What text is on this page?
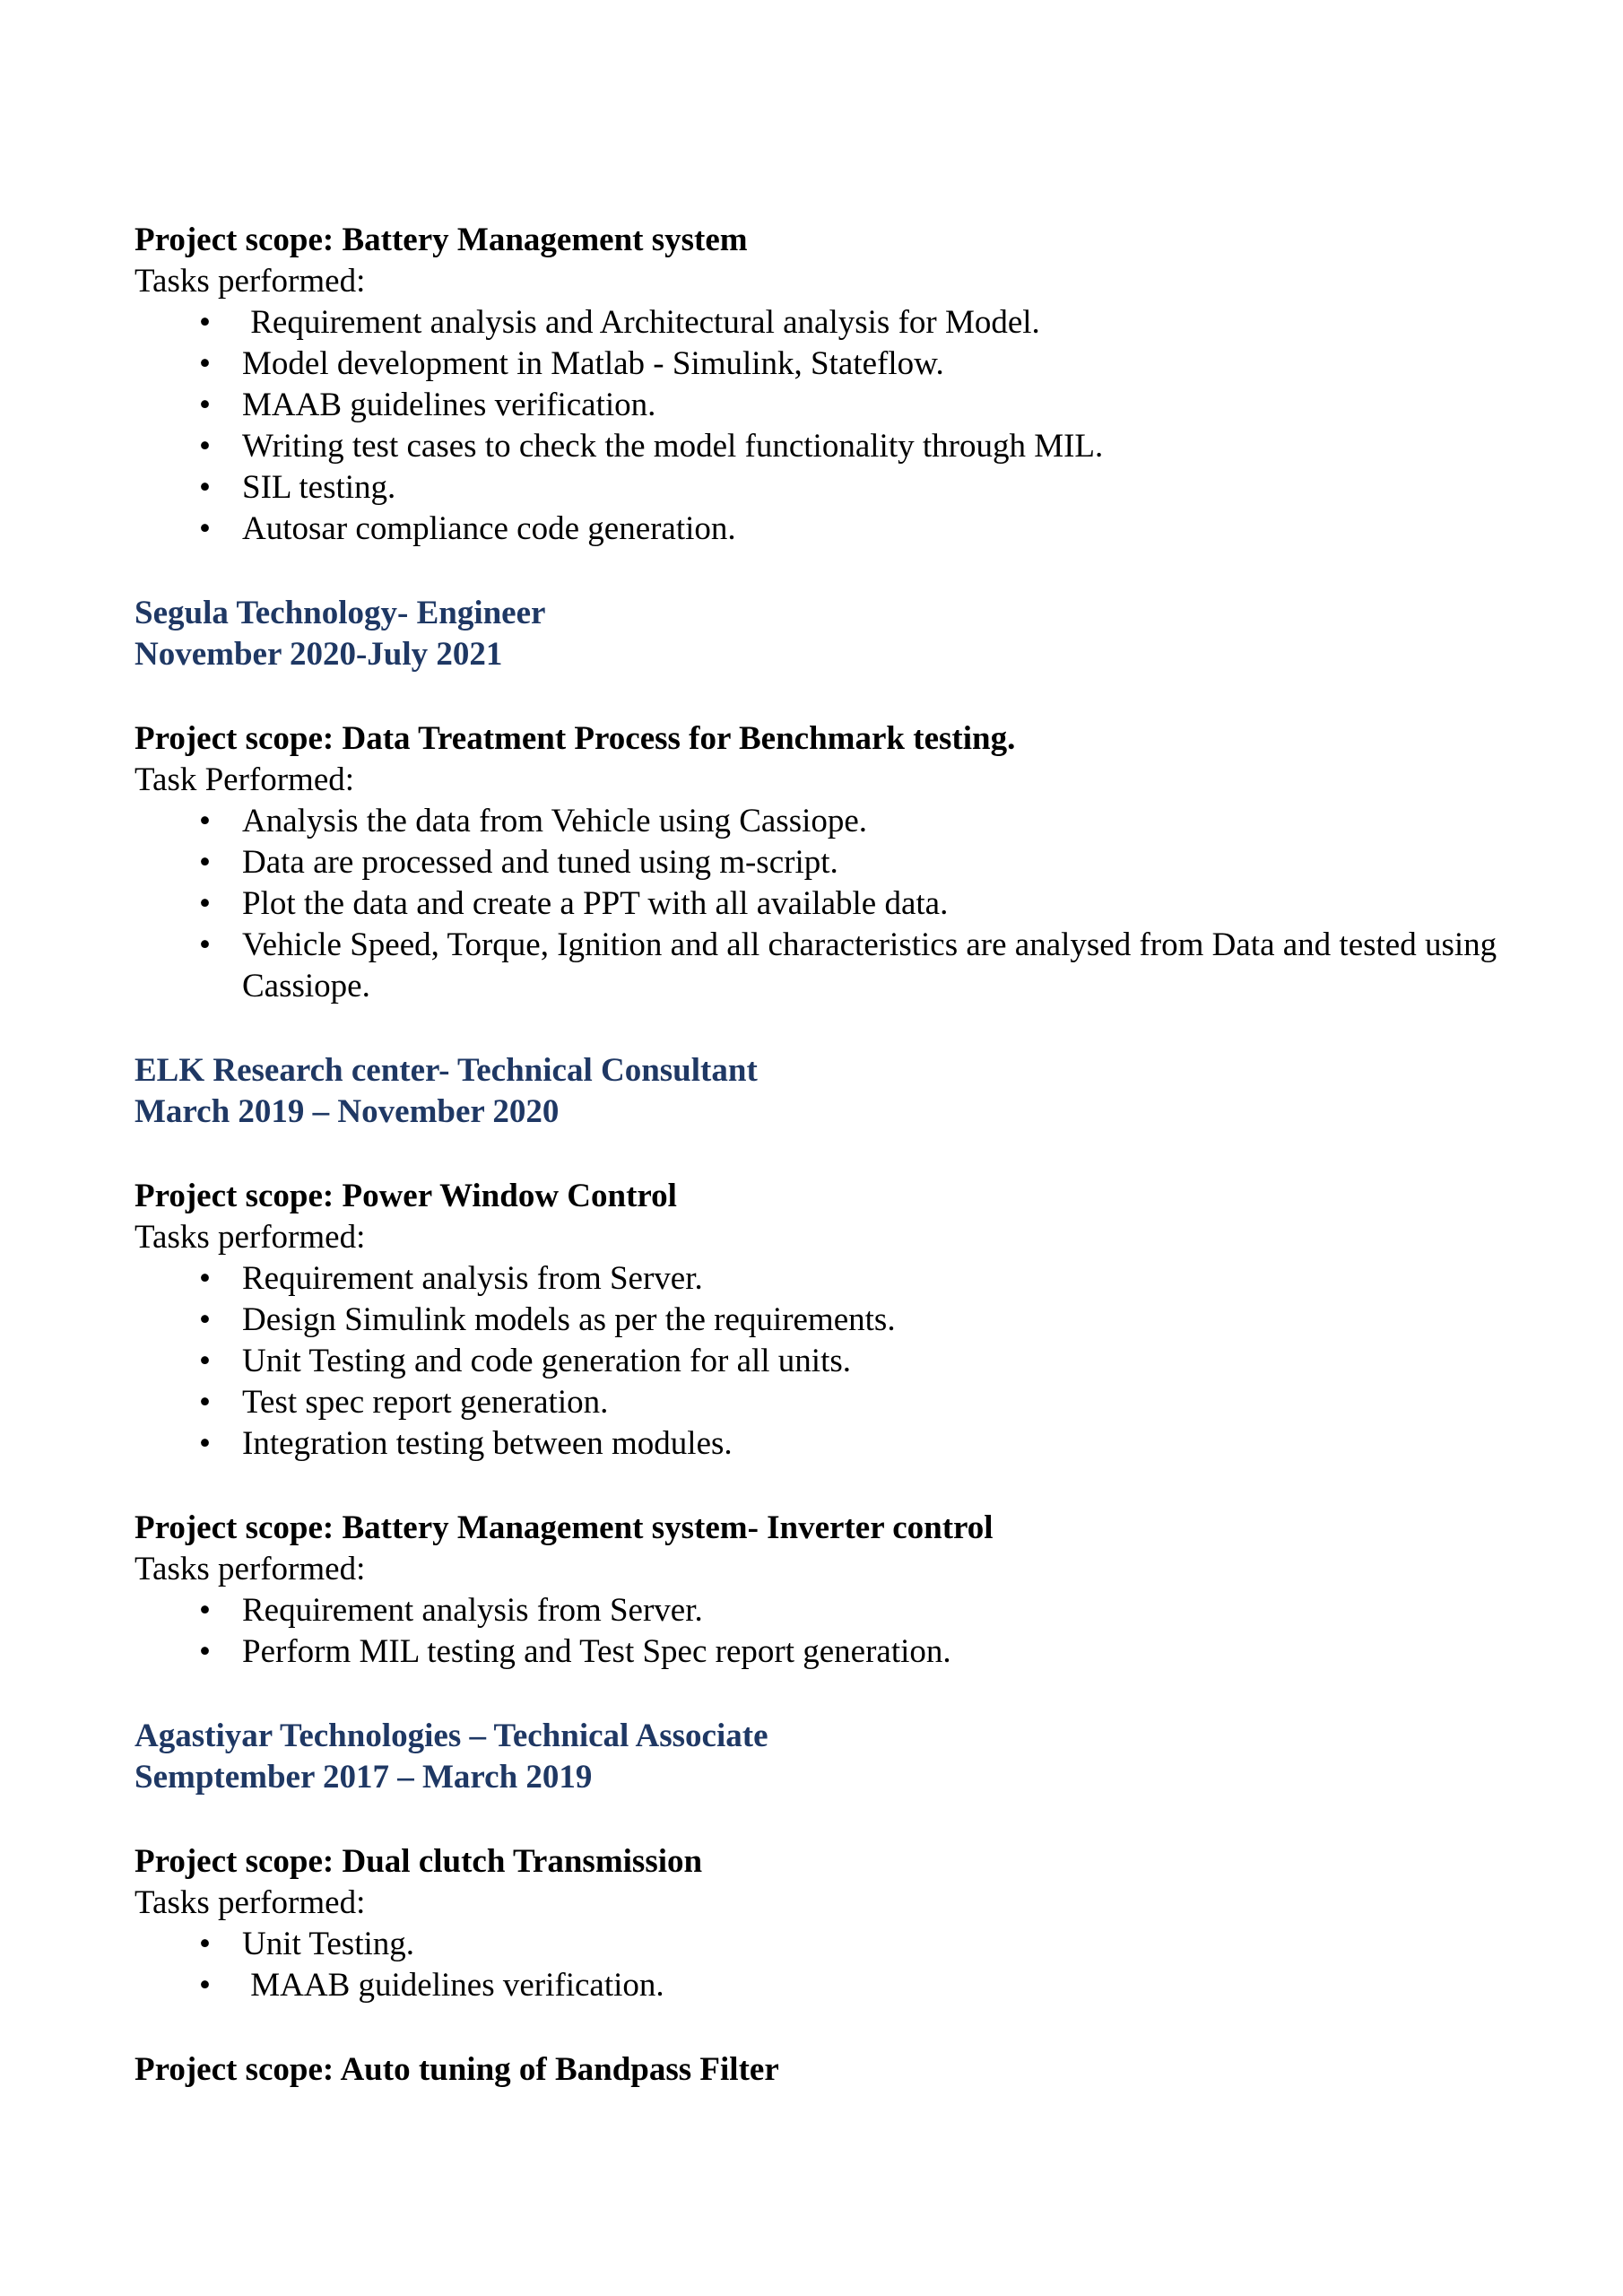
Project scope: Battery Management system

Tasks performed:

• Requirement analysis and Architectural analysis for Model.
• Model development in Matlab - Simulink, Stateflow.
• MAAB guidelines verification.
• Writing test cases to check the model functionality through MIL.
• SIL testing.
• Autosar compliance code generation.

Segula Technology- Engineer

November 2020-July 2021

Project scope: Data Treatment Process for Benchmark testing.

Task Performed:

• Analysis the data from Vehicle using Cassiope.
• Data are processed and tuned using m-script.
• Plot the data and create a PPT with all available data.
• Vehicle Speed, Torque, Ignition and all characteristics are analysed from Data and tested using Cassiope.

ELK Research center- Technical Consultant

March 2019 – November 2020

Project scope: Power Window Control

Tasks performed:

• Requirement analysis from Server.
• Design Simulink models as per the requirements.
• Unit Testing and code generation for all units.
• Test spec report generation.
• Integration testing between modules.

Project scope: Battery Management system- Inverter control

Tasks performed:

• Requirement analysis from Server.
• Perform MIL testing and Test Spec report generation.

Agastiyar Technologies – Technical Associate

Semptember 2017 – March 2019

Project scope: Dual clutch Transmission

Tasks performed:

• Unit Testing.
• MAAB guidelines verification.

Project scope: Auto tuning of Bandpass Filter
